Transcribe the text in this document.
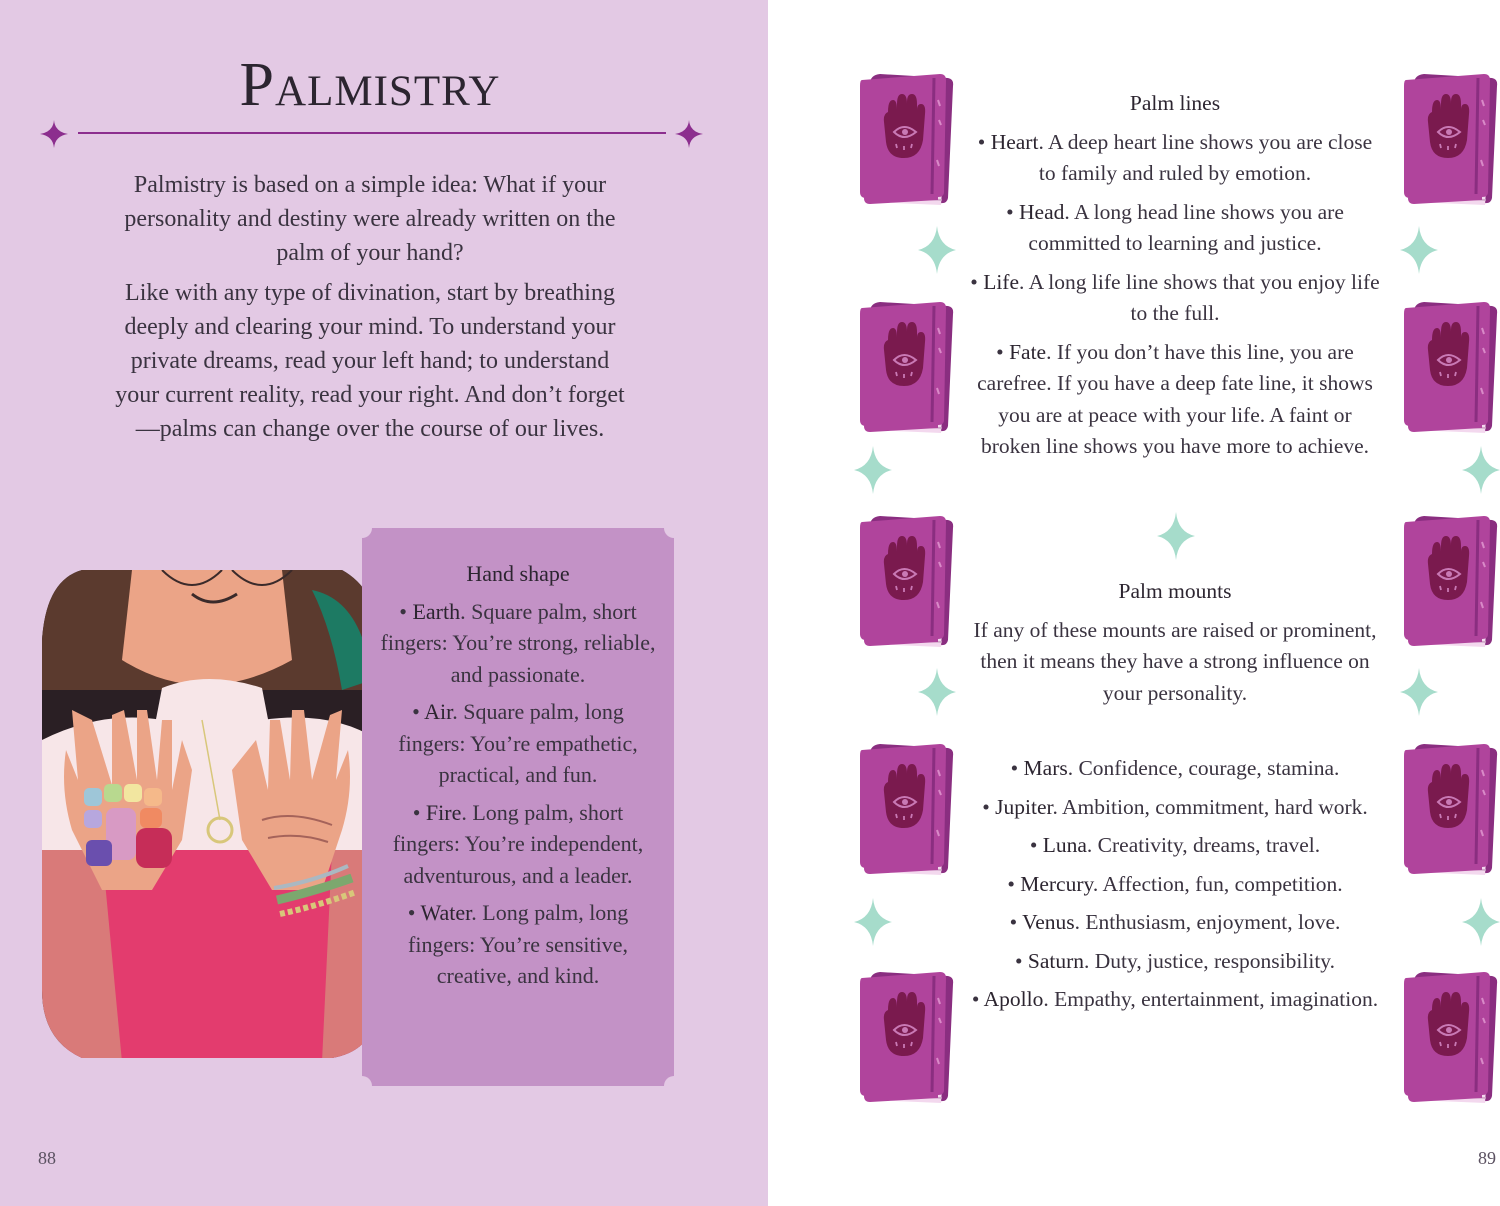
Palmistry

Palmistry is based on a simple idea: What if your personality and destiny were already written on the palm of your hand?

Like with any type of divination, start by breathing deeply and clearing your mind. To understand your private dreams, read your left hand; to understand your current reality, read your right. And don’t forget—palms can change over the course of our lives.

Hand shape

• Earth. Square palm, short fingers: You’re strong, reliable, and passionate.

• Air. Square palm, long fingers: You’re empathetic, practical, and fun.

• Fire. Long palm, short fingers: You’re independent, adventurous, and a leader.

• Water. Long palm, long fingers: You’re sensitive, creative, and kind.

88	89

Palm lines

• Heart. A deep heart line shows you are close to family and ruled by emotion.

• Head. A long head line shows you are committed to learning and justice.

• Life. A long life line shows that you enjoy life to the full.

• Fate. If you don’t have this line, you are carefree. If you have a deep fate line, it shows you are at peace with your life. A faint or broken line shows you have more to achieve.

Palm mounts

If any of these mounts are raised or prominent, then it means they have a strong influence on your personality.

• Mars. Confidence, courage, stamina.

• Jupiter. Ambition, commitment, hard work.

• Luna. Creativity, dreams, travel.

• Mercury. Affection, fun, competition.

• Venus. Enthusiasm, enjoyment, love.

• Saturn. Duty, justice, responsibility.

• Apollo. Empathy, entertainment, imagination.
